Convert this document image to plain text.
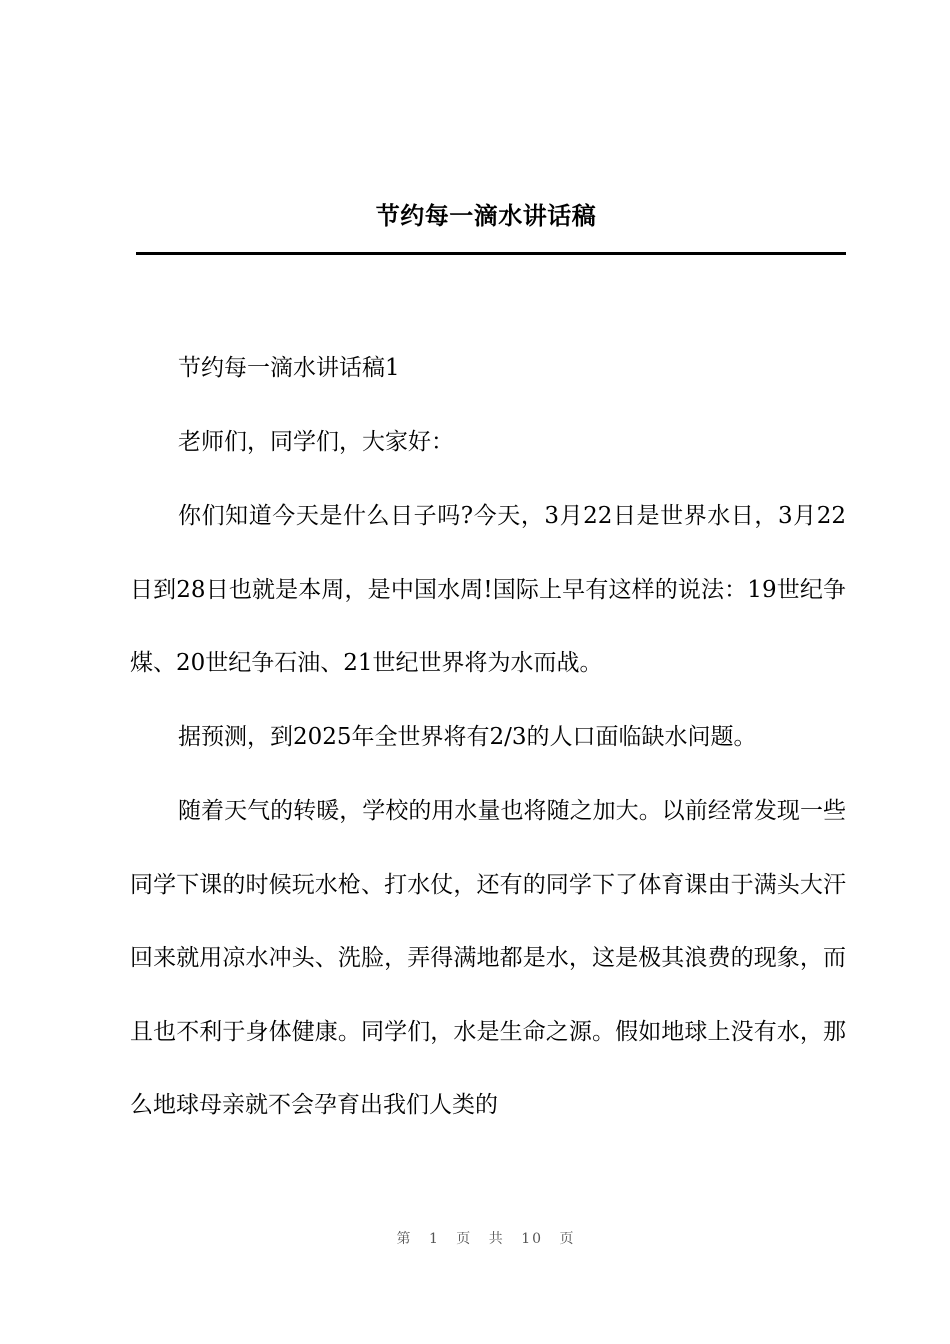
节约每一滴水讲话稿

节约每一滴水讲话稿1

老师们，同学们，大家好：

你们知道今天是什么日子吗?今天，3月22日是世界水日，3月22日到28日也就是本周，是中国水周!国际上早有这样的说法：19世纪争煤、20世纪争石油、21世纪世界将为水而战。

据预测，到2025年全世界将有2/3的人口面临缺水问题。

随着天气的转暖，学校的用水量也将随之加大。以前经常发现一些同学下课的时候玩水枪、打水仗，还有的同学下了体育课由于满头大汗回来就用凉水冲头、洗脸，弄得满地都是水，这是极其浪费的现象，而且也不利于身体健康。同学们，水是生命之源。假如地球上没有水，那么地球母亲就不会孕育出我们人类的

第 1 页 共 10 页
